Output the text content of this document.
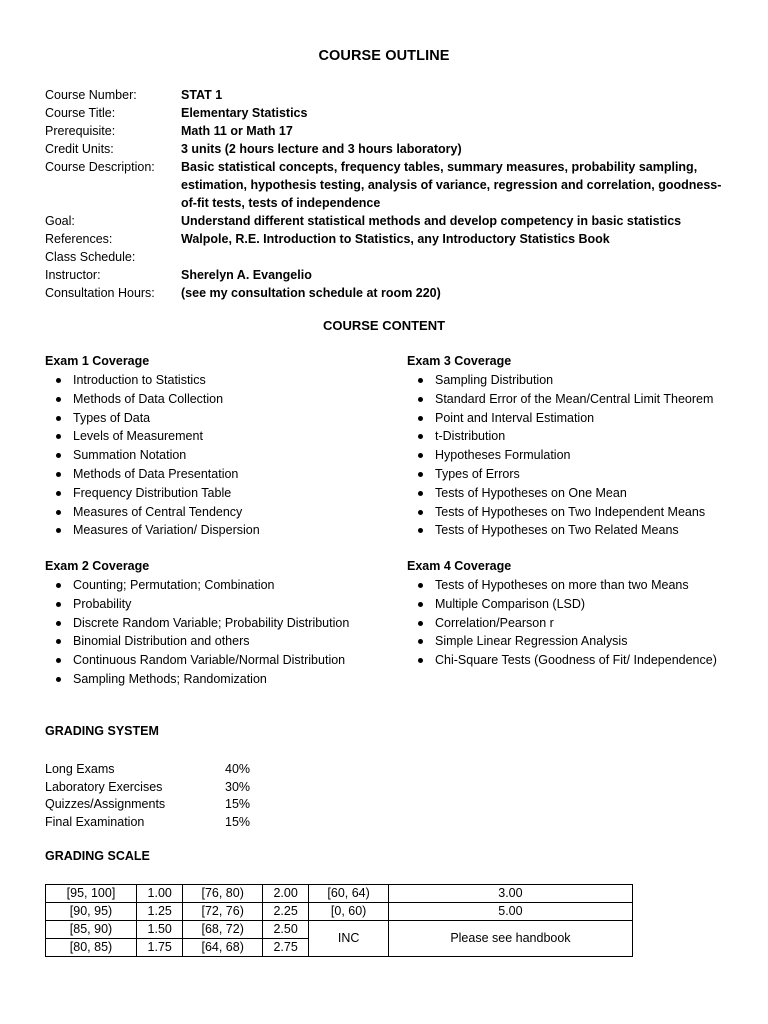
COURSE OUTLINE
Course Number:	STAT 1
Course Title:	Elementary Statistics
Prerequisite:	Math 11 or Math 17
Credit Units:	3 units (2 hours lecture and 3 hours laboratory)
Course Description:	Basic statistical concepts, frequency tables, summary measures, probability sampling, estimation, hypothesis testing, analysis of variance, regression and correlation, goodness-of-fit tests, tests of independence
Goal:	Understand different statistical methods and develop competency in basic statistics
References:	Walpole, R.E. Introduction to Statistics, any Introductory Statistics Book
Class Schedule:
Instructor:	Sherelyn A. Evangelio
Consultation Hours:	(see my consultation schedule at room 220)
COURSE CONTENT
Exam 1 Coverage
Introduction to Statistics
Methods of Data Collection
Types of Data
Levels of Measurement
Summation Notation
Methods of Data Presentation
Frequency Distribution Table
Measures of Central Tendency
Measures of Variation/ Dispersion
Exam 3 Coverage
Sampling Distribution
Standard Error of the Mean/Central Limit Theorem
Point and Interval Estimation
t-Distribution
Hypotheses Formulation
Types of Errors
Tests of Hypotheses on One Mean
Tests of Hypotheses on Two Independent Means
Tests of Hypotheses on Two Related Means
Exam 2 Coverage
Counting; Permutation; Combination
Probability
Discrete Random Variable; Probability Distribution
Binomial Distribution and others
Continuous Random Variable/Normal Distribution
Sampling Methods; Randomization
Exam 4 Coverage
Tests of Hypotheses on more than two Means
Multiple Comparison (LSD)
Correlation/Pearson r
Simple Linear Regression Analysis
Chi-Square Tests (Goodness of Fit/ Independence)
GRADING SYSTEM
Long Exams	40%
Laboratory Exercises	30%
Quizzes/Assignments	15%
Final Examination	15%
GRADING SCALE
[95, 100]	1.00	[76, 80)	2.00	[60, 64)	3.00
[90, 95)	1.25	[72, 76)	2.25	[0, 60)	5.00
[85, 90)	1.50	[68, 72)	2.50	INC	Please see handbook
[80, 85)	1.75	[64, 68)	2.75		
